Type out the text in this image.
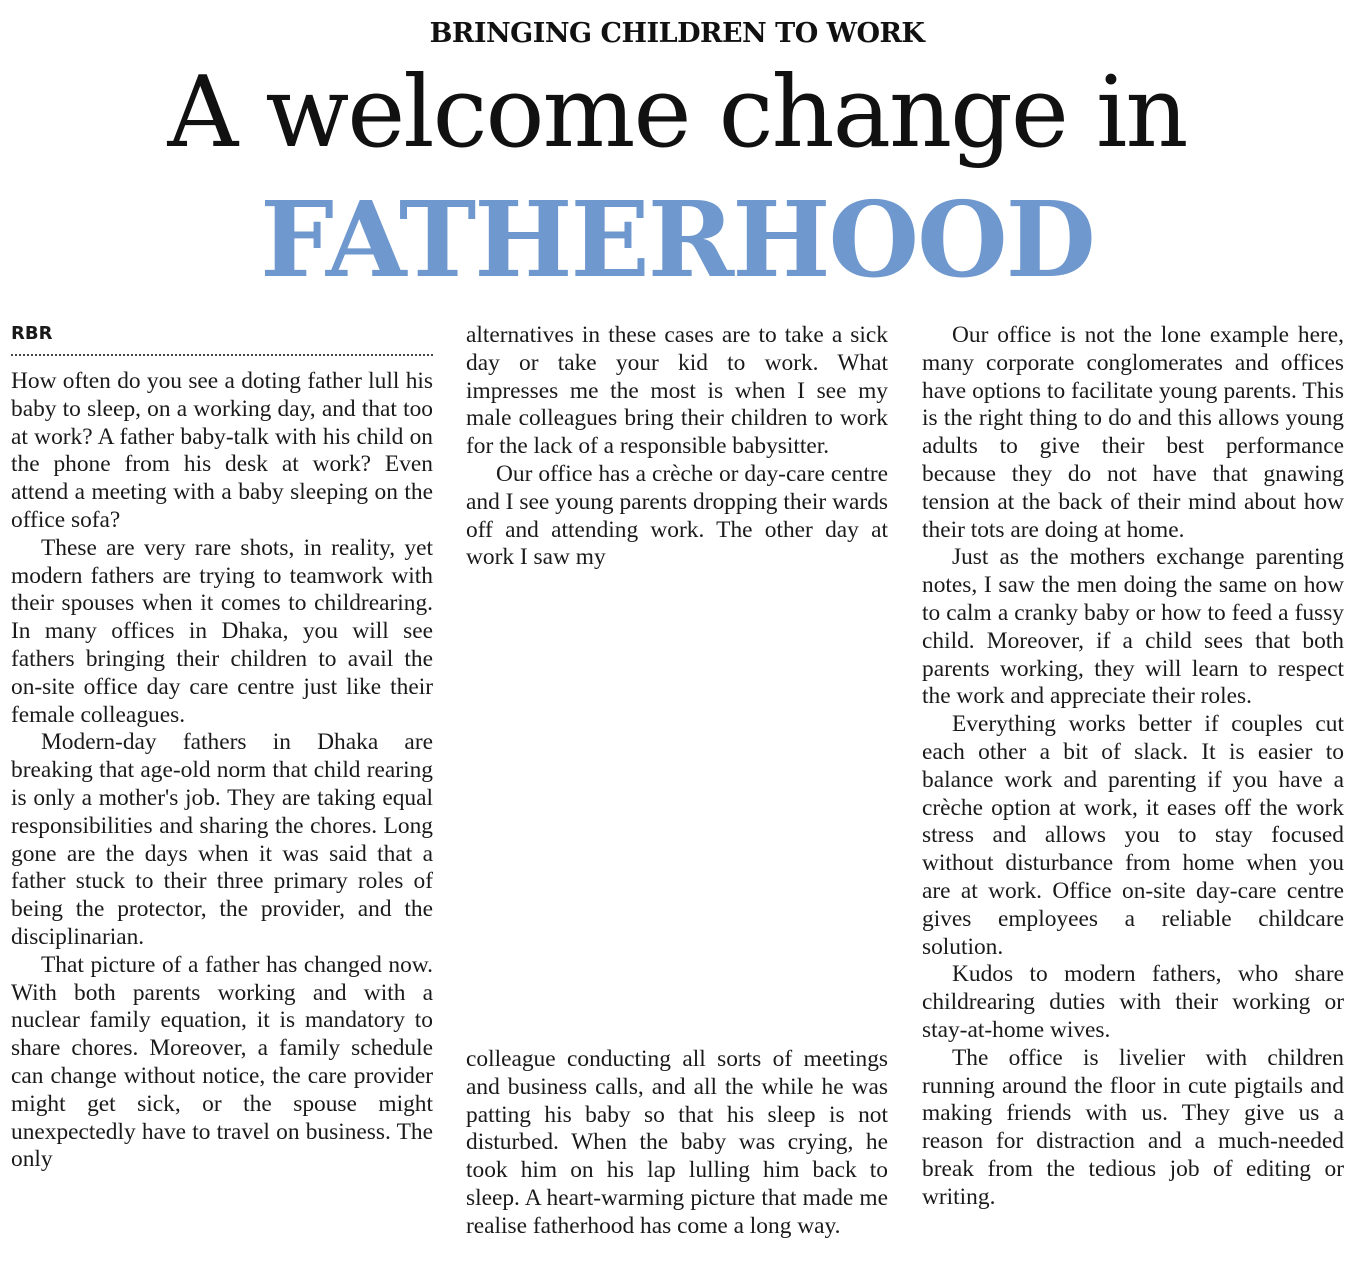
BRINGING CHILDREN TO WORK
A welcome change in
FATHERHOOD
RBR

How often do you see a doting father lull his baby to sleep, on a working day, and that too at work? A father baby-talk with his child on the phone from his desk at work? Even attend a meeting with a baby sleeping on the office sofa?

These are very rare shots, in reality, yet modern fathers are trying to teamwork with their spouses when it comes to childrearing. In many offices in Dhaka, you will see fathers bringing their children to avail the on-site office day care centre just like their female colleagues.

Modern-day fathers in Dhaka are breaking that age-old norm that child rearing is only a mother's job. They are taking equal responsibilities and sharing the chores. Long gone are the days when it was said that a father stuck to their three primary roles of being the protector, the provider, and the disciplinarian.

That picture of a father has changed now. With both parents working and with a nuclear family equation, it is mandatory to share chores. Moreover, a family schedule can change without notice, the care provider might get sick, or the spouse might unexpectedly have to travel on business. The only

alternatives in these cases are to take a sick day or take your kid to work. What impresses me the most is when I see my male colleagues bring their children to work for the lack of a responsible babysitter.

Our office has a crèche or day-care centre and I see young parents dropping their wards off and attending work. The other day at work I saw my

colleague conducting all sorts of meetings and business calls, and all the while he was patting his baby so that his sleep is not disturbed. When the baby was crying, he took him on his lap lulling him back to sleep. A heart-warming picture that made me realise fatherhood has come a long way.

Our office is not the lone example here, many corporate conglomerates and offices have options to facilitate young parents. This is the right thing to do and this allows young adults to give their best performance because they do not have that gnawing tension at the back of their mind about how their tots are doing at home.

Just as the mothers exchange parenting notes, I saw the men doing the same on how to calm a cranky baby or how to feed a fussy child. Moreover, if a child sees that both parents working, they will learn to respect the work and appreciate their roles.

Everything works better if couples cut each other a bit of slack. It is easier to balance work and parenting if you have a crèche option at work, it eases off the work stress and allows you to stay focused without disturbance from home when you are at work. Office on-site day-care centre gives employees a reliable childcare solution.

Kudos to modern fathers, who share childrearing duties with their working or stay-at-home wives.

The office is livelier with children running around the floor in cute pigtails and making friends with us. They give us a reason for distraction and a much-needed break from the tedious job of editing or writing.
